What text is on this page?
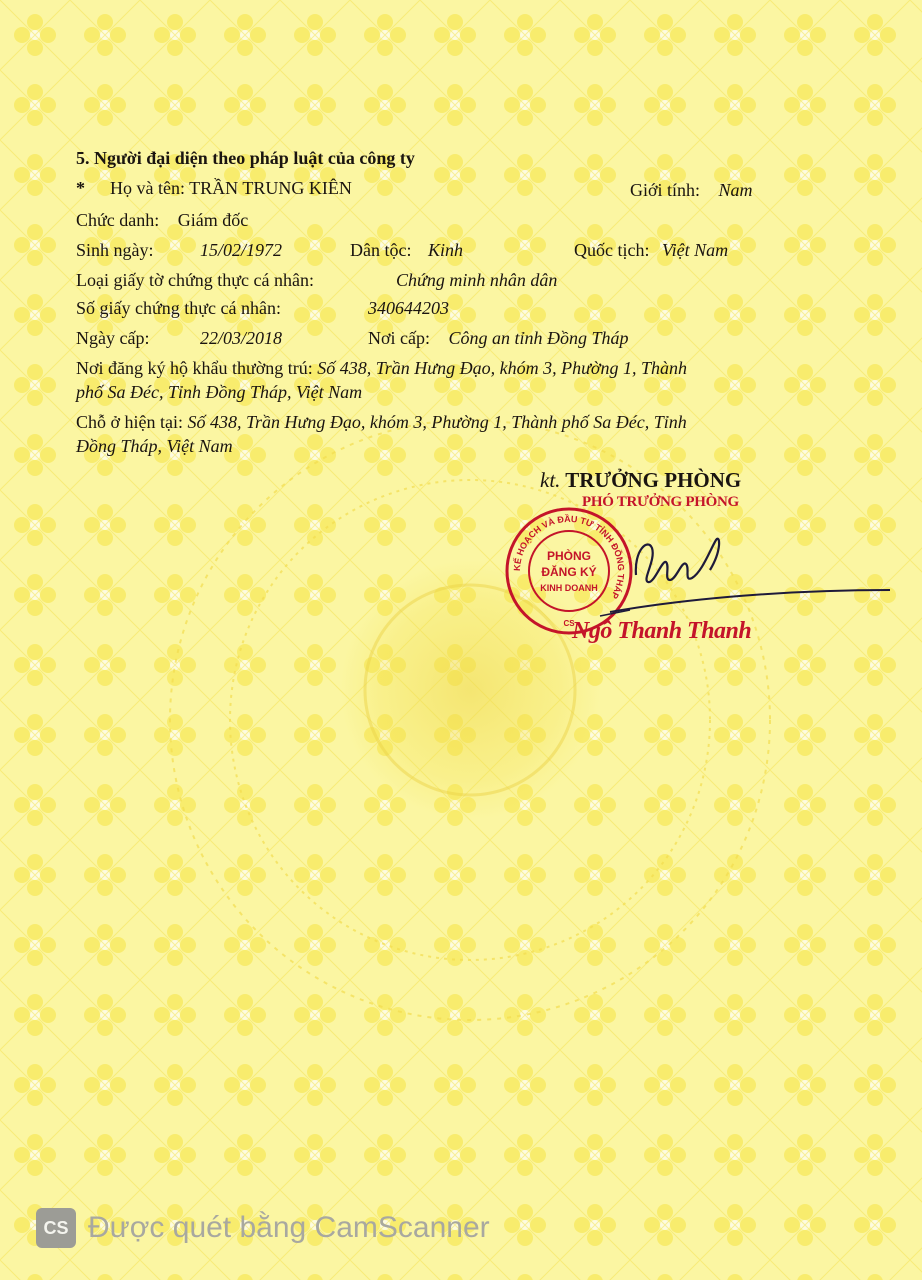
5. Người đại diện theo pháp luật của công ty
* Họ và tên: TRẦN TRUNG KIÊN	Giới tính: Nam
Chức danh: Giám đốc
Sinh ngày:	15/02/1972	Dân tộc: Kinh	Quốc tịch: Việt Nam
Loại giấy tờ chứng thực cá nhân:	Chứng minh nhân dân
Số giấy chứng thực cá nhân:	340644203
Ngày cấp:	22/03/2018	Nơi cấp: Công an tỉnh Đồng Tháp
Nơi đăng ký hộ khẩu thường trú: Số 438, Trần Hưng Đạo, khóm 3, Phường 1, Thành
phố Sa Đéc, Tỉnh Đồng Tháp, Việt Nam
Chỗ ở hiện tại: Số 438, Trần Hưng Đạo, khóm 3, Phường 1, Thành phố Sa Đéc, Tỉnh
Đồng Tháp, Việt Nam
kt. TRƯỞNG PHÒNG
PHÓ TRƯỞNG PHÒNG
KẾ HOẠCH VÀ ĐẦU TƯ TỈNH ĐỒNG THÁP
PHÒNG
ĐĂNG KÝ
KINH DOANH
CS
Ngô Thanh Thanh
CS Được quét bằng CamScanner
